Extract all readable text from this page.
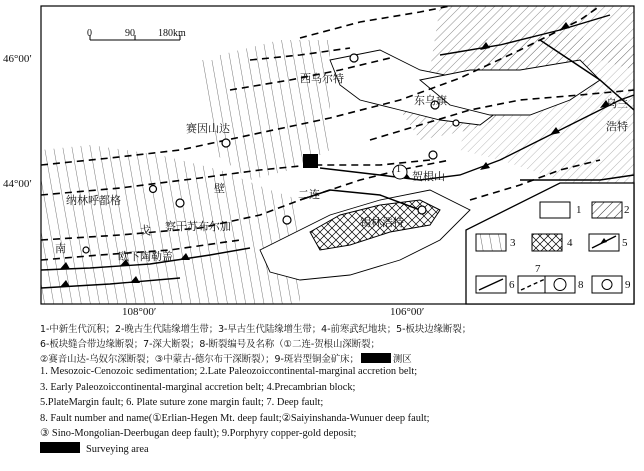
46°00′
44°00′
108°00′	106°00′
0	90 180km
西乌尔特
东乌旗	乌兰
浩特
赛因山达
壁
纳林呼都格
戈 察干苏布尔加
欧下陶勒盖
南
贺根山
锡林浩特
二连
1
1	2
3	4	5
6
7
8	9
1-中新生代沉积；2-晚古生代陆缘增生带；3-早古生代陆缘增生带；4-前寒武纪地块；5-板块边缘断裂；
6-板块缝合带边缘断裂；7-深大断裂；8-断裂编号及名称（①二连-贺根山深断裂；
②赛音山达-乌奴尔深断裂；③中蒙古-德尔布干深断裂）；9-斑岩型铜金矿床；	测区
1. Mesozoic-Cenozoic sedimentation; 2.Late Paleozoiccontinental-marginal accretion belt;
3. Early Paleozoiccontinental-marginal accretion belt; 4.Precambrian block;
5.PlateMargin fault; 6. Plate suture zone margin fault; 7. Deep fault;
8. Fault number and name(①Erlian-Hegen Mt. deep fault;②Saiyinshanda-Wunuer deep fault;
③ Sino-Mongolian-Deerbugan deep fault); 9.Porphyry copper-gold deposit;
Surveying area
